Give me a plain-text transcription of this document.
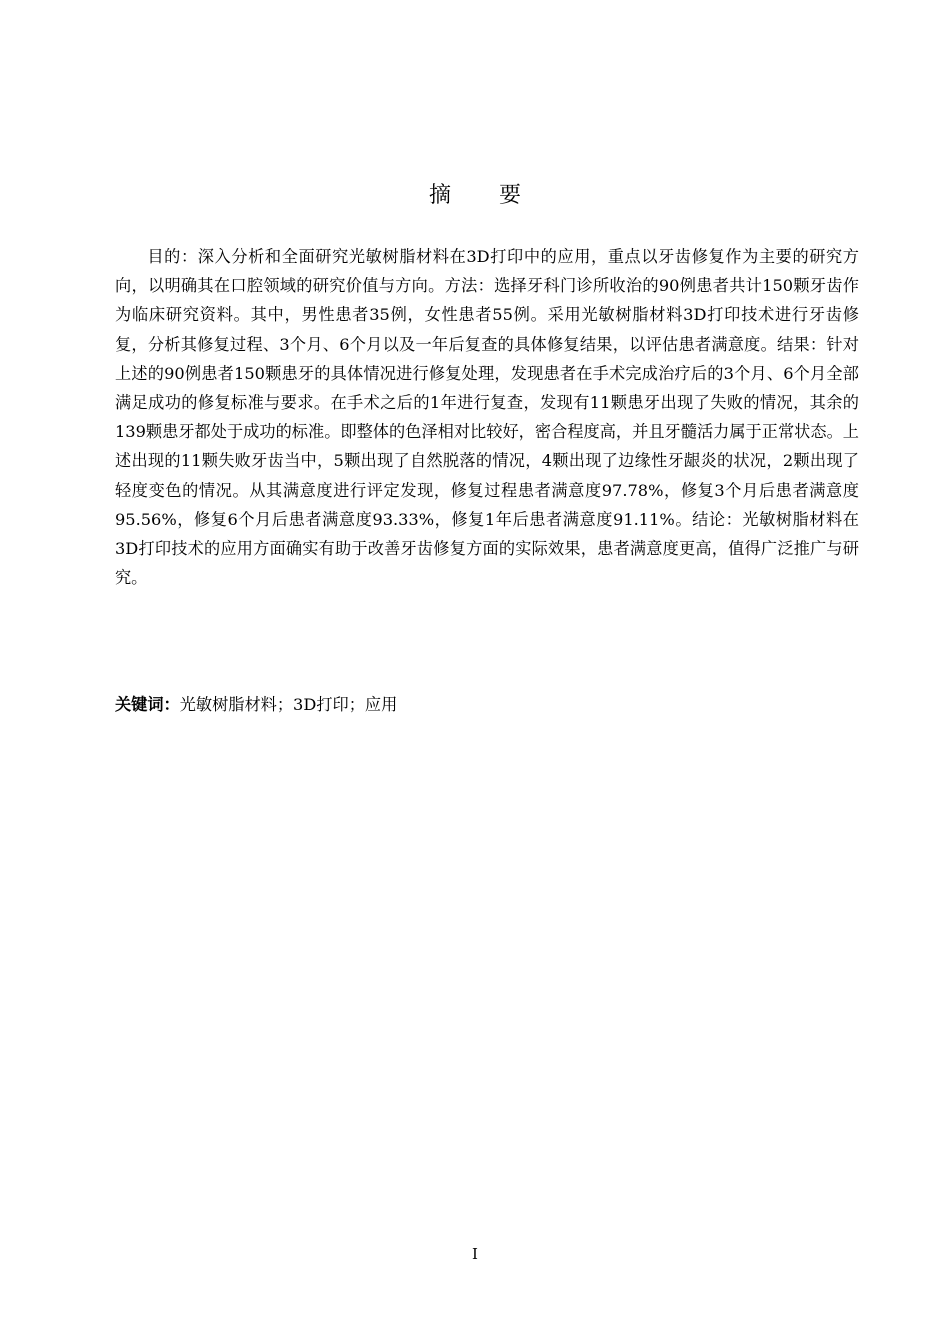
摘 要

目的：深入分析和全面研究光敏树脂材料在3D打印中的应用，重点以牙齿修复作为主要的研究方向，以明确其在口腔领域的研究价值与方向。方法：选择牙科门诊所收治的90例患者共计150颗牙齿作为临床研究资料。其中，男性患者35例，女性患者55例。采用光敏树脂材料3D打印技术进行牙齿修复，分析其修复过程、3个月、6个月以及一年后复查的具体修复结果，以评估患者满意度。结果：针对上述的90例患者150颗患牙的具体情况进行修复处理，发现患者在手术完成治疗后的3个月、6个月全部满足成功的修复标准与要求。在手术之后的1年进行复查，发现有11颗患牙出现了失败的情况，其余的139颗患牙都处于成功的标准。即整体的色泽相对比较好，密合程度高，并且牙髓活力属于正常状态。上述出现的11颗失败牙齿当中，5颗出现了自然脱落的情况，4颗出现了边缘性牙龈炎的状况，2颗出现了轻度变色的情况。从其满意度进行评定发现，修复过程患者满意度97.78%，修复3个月后患者满意度95.56%，修复6个月后患者满意度93.33%，修复1年后患者满意度91.11%。结论：光敏树脂材料在3D打印技术的应用方面确实有助于改善牙齿修复方面的实际效果，患者满意度更高，值得广泛推广与研究。

关键词：光敏树脂材料；3D打印；应用

I
